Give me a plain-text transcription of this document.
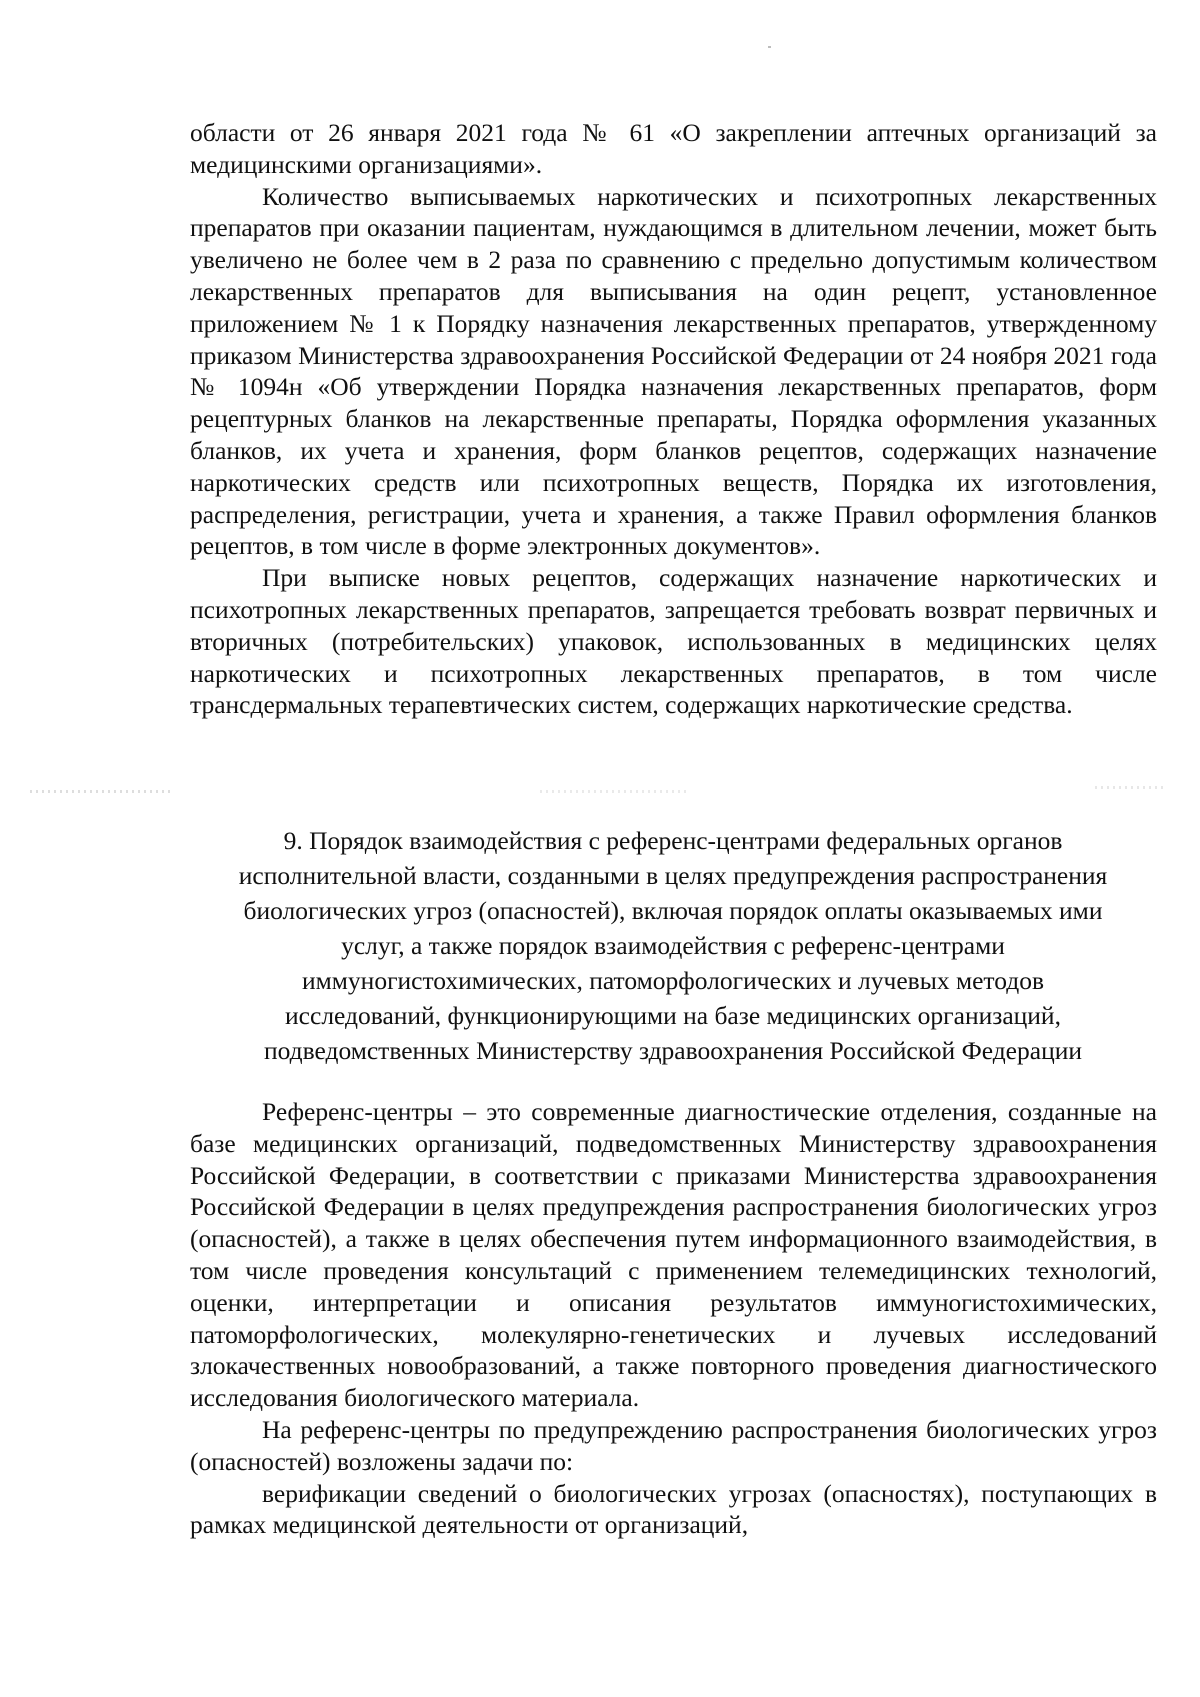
области от 26 января 2021 года № 61 «О закреплении аптечных организаций за медицинскими организациями».

Количество выписываемых наркотических и психотропных лекарственных препаратов при оказании пациентам, нуждающимся в длительном лечении, может быть увеличено не более чем в 2 раза по сравнению с предельно допустимым количеством лекарственных препаратов для выписывания на один рецепт, установленное приложением № 1 к Порядку назначения лекарственных препаратов, утвержденному приказом Министерства здравоохранения Российской Федерации от 24 ноября 2021 года № 1094н «Об утверждении Порядка назначения лекарственных препаратов, форм рецептурных бланков на лекарственные препараты, Порядка оформления указанных бланков, их учета и хранения, форм бланков рецептов, содержащих назначение наркотических средств или психотропных веществ, Порядка их изготовления, распределения, регистрации, учета и хранения, а также Правил оформления бланков рецептов, в том числе в форме электронных документов».

При выписке новых рецептов, содержащих назначение наркотических и психотропных лекарственных препаратов, запрещается требовать возврат первичных и вторичных (потребительских) упаковок, использованных в медицинских целях наркотических и психотропных лекарственных препаратов, в том числе трансдермальных терапевтических систем, содержащих наркотические средства.

9. Порядок взаимодействия с референс-центрами федеральных органов
исполнительной власти, созданными в целях предупреждения распространения
биологических угроз (опасностей), включая порядок оплаты оказываемых ими
услуг, а также порядок взаимодействия с референс-центрами
иммуногистохимических, патоморфологических и лучевых методов
исследований, функционирующими на базе медицинских организаций,
подведомственных Министерству здравоохранения Российской Федерации

Референс-центры – это современные диагностические отделения, созданные на базе медицинских организаций, подведомственных Министерству здравоохранения Российской Федерации, в соответствии с приказами Министерства здравоохранения Российской Федерации в целях предупреждения распространения биологических угроз (опасностей), а также в целях обеспечения путем информационного взаимодействия, в том числе проведения консультаций с применением телемедицинских технологий, оценки, интерпретации и описания результатов иммуногистохимических, патоморфологических, молекулярно-генетических и лучевых исследований злокачественных новообразований, а также повторного проведения диагностического исследования биологического материала.

На референс-центры по предупреждению распространения биологических угроз (опасностей) возложены задачи по:

верификации сведений о биологических угрозах (опасностях), поступающих в рамках медицинской деятельности от организаций,
